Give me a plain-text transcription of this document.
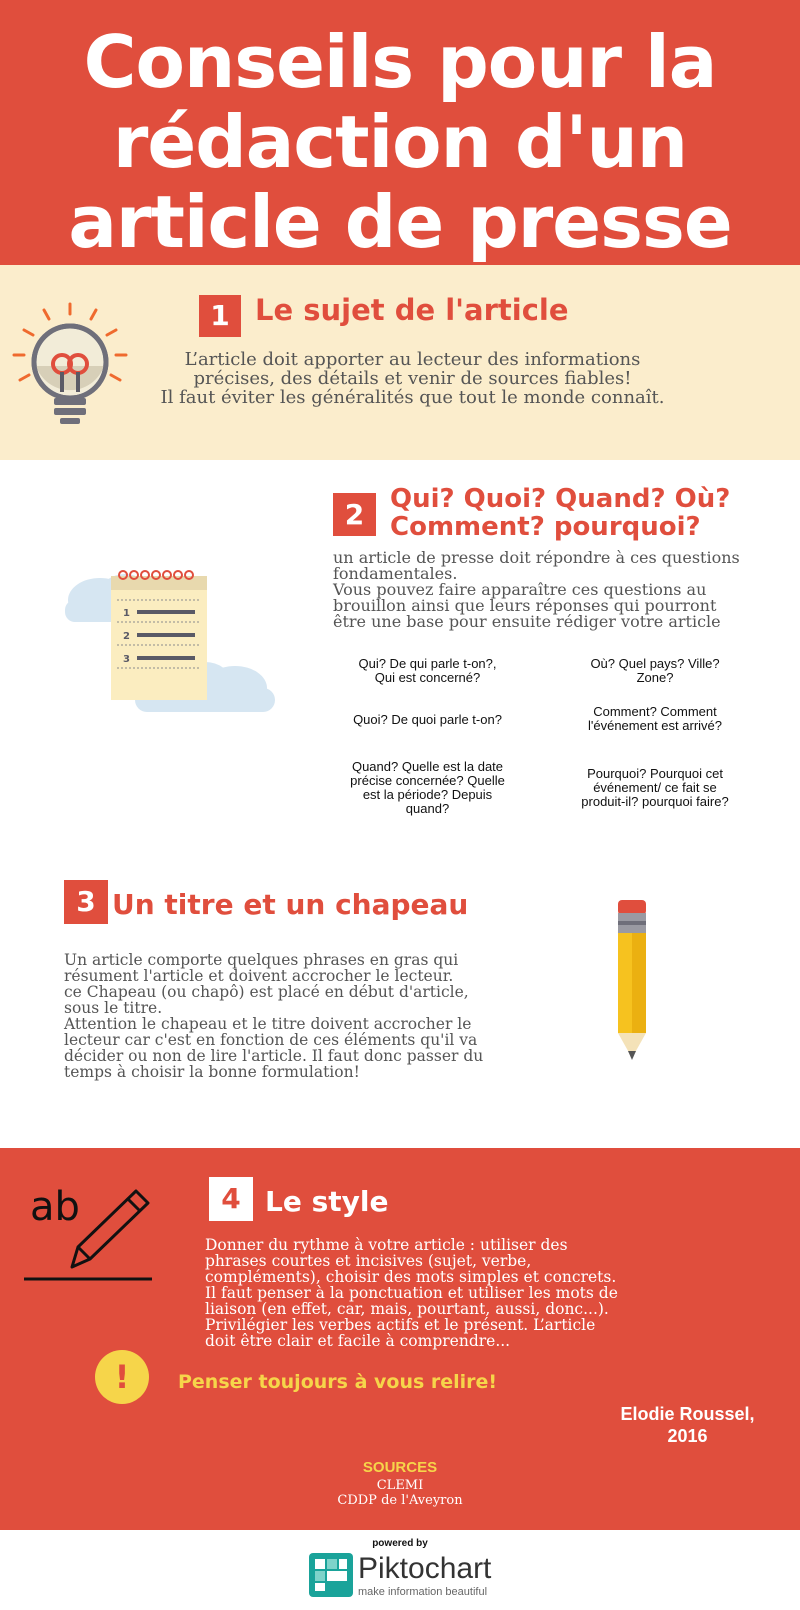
Conseils pour la
rédaction d'un
article de presse
1 Le sujet de l'article
L’article doit apporter au lecteur des informations
précises, des détails et venir de sources fiables!
Il faut éviter les généralités que tout le monde connaît.
1
2
3
2 Qui? Quoi? Quand? Où?
Comment? pourquoi?
un article de presse doit répondre à ces questions
fondamentales.
Vous pouvez faire apparaître ces questions au
brouillon ainsi que leurs réponses qui pourront
être une base pour ensuite rédiger votre article
Qui? De qui parle t-on?,
Qui est concerné?
Où? Quel pays? Ville?
Zone?
Quoi? De quoi parle t-on?
Comment? Comment
l'événement est arrivé?
Quand? Quelle est la date
précise concernée? Quelle
est la période? Depuis
quand?
Pourquoi? Pourquoi cet
événement/ ce fait se
produit-il? pourquoi faire?
3 Un titre et un chapeau
Un article comporte quelques phrases en gras qui
résument l'article et doivent accrocher le lecteur.
ce Chapeau (ou chapô) est placé en début d'article,
sous le titre.
Attention le chapeau et le titre doivent accrocher le
lecteur car c'est en fonction de ces éléments qu'il va
décider ou non de lire l'article. Il faut donc passer du
temps à choisir la bonne formulation!
ab	4 Le style
Donner du rythme à votre article : utiliser des
phrases courtes et incisives (sujet, verbe,
compléments), choisir des mots simples et concrets.
Il faut penser à la ponctuation et utiliser les mots de
liaison (en effet, car, mais, pourtant, aussi, donc...).
Privilégier les verbes actifs et le présent. L’article
doit être clair et facile à comprendre...
!	Penser toujours à vous relire!
Elodie Roussel,
2016
SOURCES
CLEMI
CDDP de l'Aveyron
powered by
Piktochart
make information beautiful
